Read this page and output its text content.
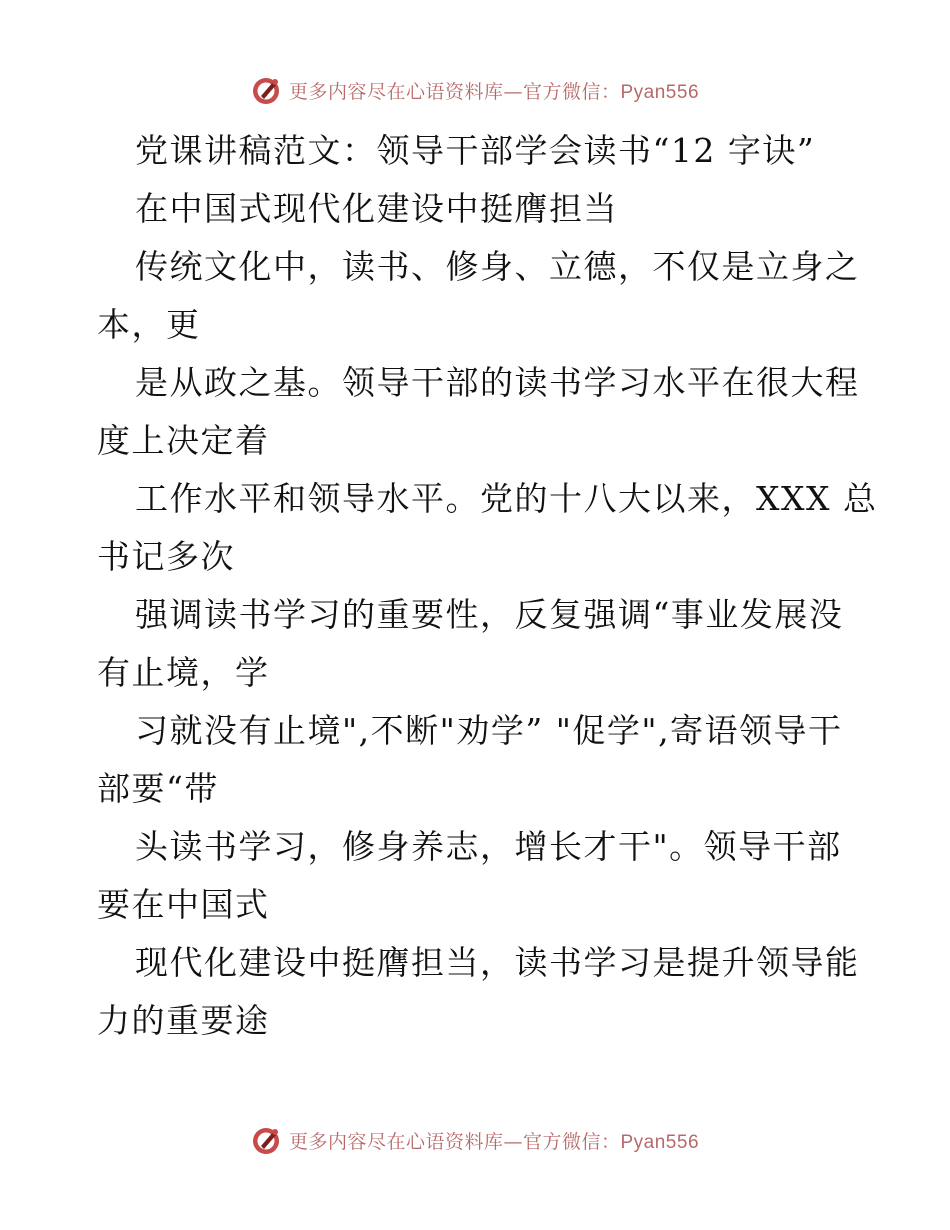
更多内容尽在心语资料库—官方微信：Pyan556
党课讲稿范文：领导干部学会读书“12 字诀”
在中国式现代化建设中挺膺担当
传统文化中，读书、修身、立德，不仅是立身之
本，更
是从政之基。领导干部的读书学习水平在很大程
度上决定着
工作水平和领导水平。党的十八大以来，XXX 总
书记多次
强调读书学习的重要性，反复强调“事业发展没
有止境，学
习就没有止境",不断"劝学” "促学",寄语领导干
部要“带
头读书学习，修身养志，增长才干"。领导干部
要在中国式
现代化建设中挺膺担当，读书学习是提升领导能
力的重要途
更多内容尽在心语资料库—官方微信：Pyan556
